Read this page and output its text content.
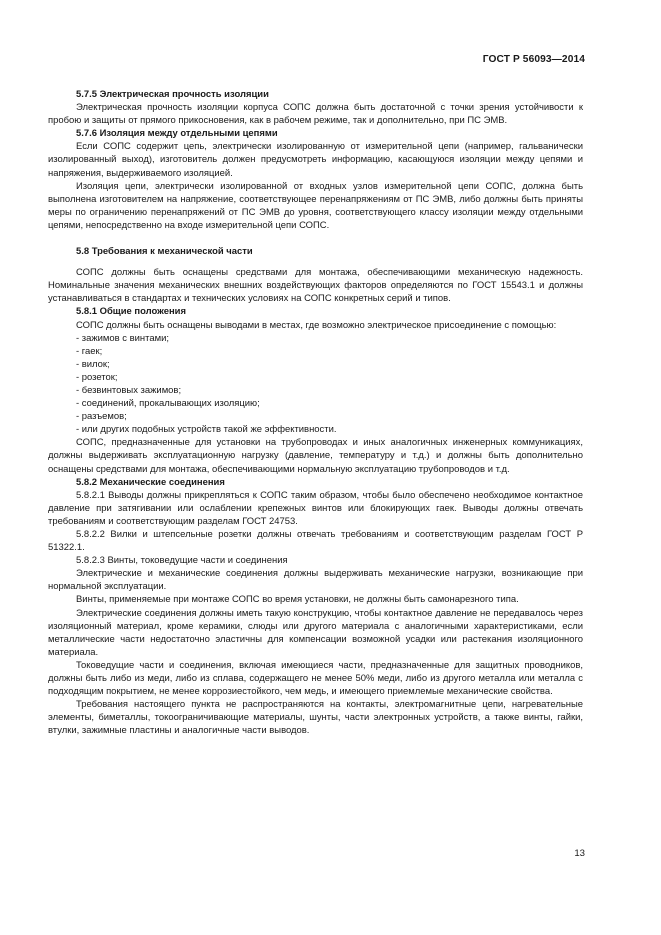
ГОСТ Р 56093—2014

5.7.5 Электрическая прочность изоляции

Электрическая прочность изоляции корпуса СОПС должна быть достаточной с точки зрения устойчивости к пробою и защиты от прямого прикосновения, как в рабочем режиме, так и дополнительно, при ПС ЭМВ.

5.7.6 Изоляция между отдельными цепями

Если СОПС содержит цепь, электрически изолированную от измерительной цепи (например, гальванически изолированный выход), изготовитель должен предусмотреть информацию, касающуюся изоляции между цепями и напряжения, выдерживаемого изоляцией.

Изоляция цепи, электрически изолированной от входных узлов измерительной цепи СОПС, должна быть выполнена изготовителем на напряжение, соответствующее перенапряжениям от ПС ЭМВ, либо должны быть приняты меры по ограничению перенапряжений от ПС ЭМВ до уровня, соответствующего классу изоляции между отдельными цепями, непосредственно на входе измерительной цепи СОПС.

5.8 Требования к механической части

СОПС должны быть оснащены средствами для монтажа, обеспечивающими механическую надежность. Номинальные значения механических внешних воздействующих факторов определяются по ГОСТ 15543.1 и должны устанавливаться в стандартах и технических условиях на СОПС конкретных серий и типов.

5.8.1 Общие положения

СОПС должны быть оснащены выводами в местах, где возможно электрическое присоединение с помощью:

- зажимов с винтами;

- гаек;

- вилок;

- розеток;

- безвинтовых зажимов;

- соединений, прокалывающих изоляцию;

- разъемов;

- или других подобных устройств такой же эффективности.

СОПС, предназначенные для установки на трубопроводах и иных аналогичных инженерных коммуникациях, должны выдерживать эксплуатационную нагрузку (давление, температуру и т.д.) и должны быть дополнительно оснащены средствами для монтажа, обеспечивающими нормальную эксплуатацию трубопроводов и т.д.

5.8.2 Механические соединения

5.8.2.1 Выводы должны прикрепляться к СОПС таким образом, чтобы было обеспечено необходимое контактное давление при затягивании или ослаблении крепежных винтов или блокирующих гаек. Выводы должны отвечать требованиям и соответствующим разделам ГОСТ 24753.

5.8.2.2 Вилки и штепсельные розетки должны отвечать требованиям и соответствующим разделам ГОСТ Р 51322.1.

5.8.2.3 Винты, токоведущие части и соединения

Электрические и механические соединения должны выдерживать механические нагрузки, возникающие при нормальной эксплуатации.

Винты, применяемые при монтаже СОПС во время установки, не должны быть самонарезного типа.

Электрические соединения должны иметь такую конструкцию, чтобы контактное давление не передавалось через изоляционный материал, кроме керамики, слюды или другого материала с аналогичными характеристиками, если металлические части недостаточно эластичны для компенсации возможной усадки или растекания изоляционного материала.

Токоведущие части и соединения, включая имеющиеся части, предназначенные для защитных проводников, должны быть либо из меди, либо из сплава, содержащего не менее 50% меди, либо из другого металла или металла с подходящим покрытием, не менее коррозиестойкого, чем медь, и имеющего приемлемые механические свойства.

Требования настоящего пункта не распространяются на контакты, электромагнитные цепи, нагревательные элементы, биметаллы, токоограничивающие материалы, шунты, части электронных устройств, а также винты, гайки, втулки, зажимные пластины и аналогичные части выводов.

13
